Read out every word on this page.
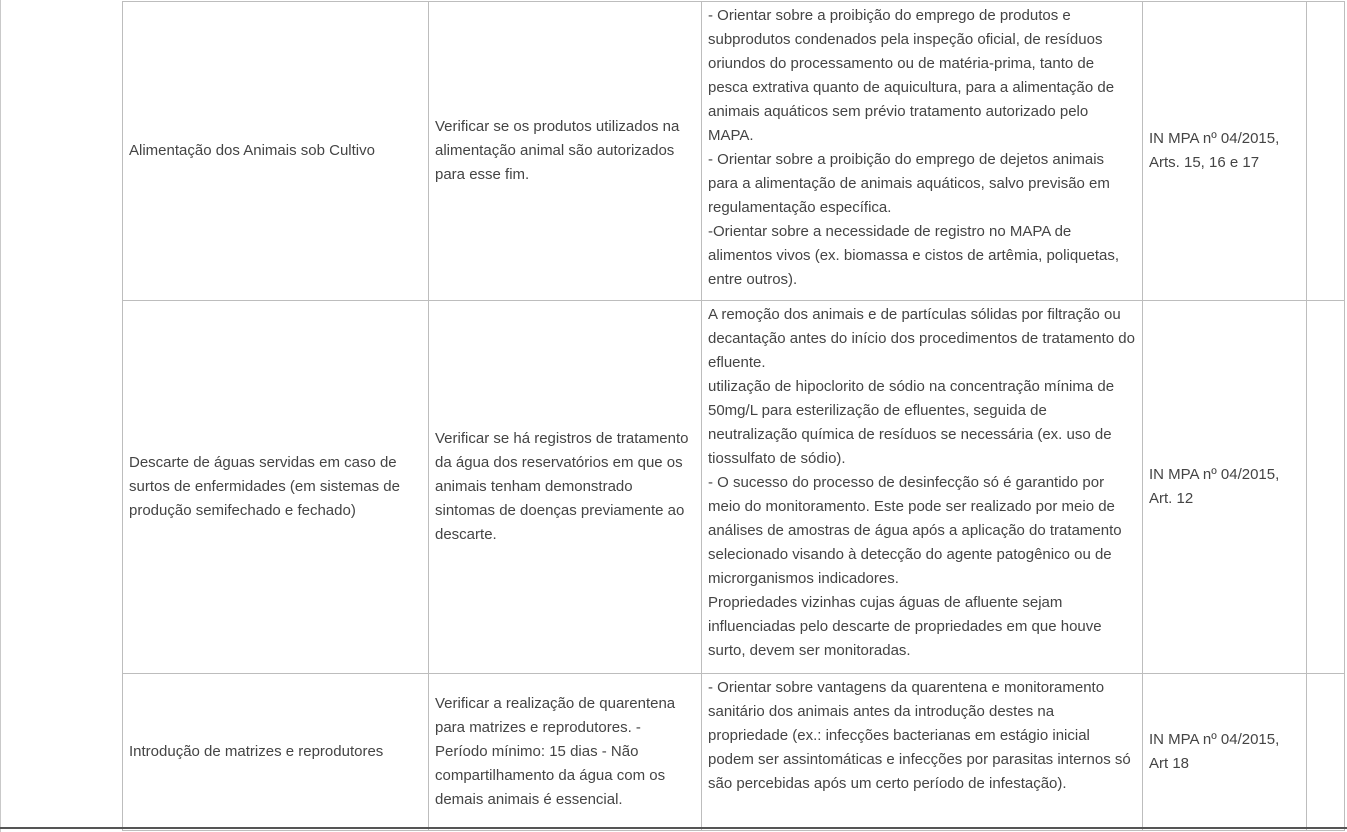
Alimentação dos Animais sob Cultivo	Verificar se os produtos utilizados na alimentação animal são autorizados para esse fim.	- Orientar sobre a proibição do emprego de produtos e subprodutos condenados pela inspeção oficial, de resíduos oriundos do processamento ou de matéria-prima, tanto de pesca extrativa quanto de aquicultura, para a alimentação de animais aquáticos sem prévio tratamento autorizado pelo MAPA.
- Orientar sobre a proibição do emprego de dejetos animais para a alimentação de animais aquáticos, salvo previsão em regulamentação específica.
-Orientar sobre a necessidade de registro no MAPA de alimentos vivos (ex. biomassa e cistos de artêmia, poliquetas, entre outros).	IN MPA nº 04/2015, Arts. 15, 16 e 17	
Descarte de águas servidas em caso de surtos de enfermidades (em sistemas de produção semifechado e fechado)	Verificar se há registros de tratamento da água dos reservatórios em que os animais tenham demonstrado sintomas de doenças previamente ao descarte.	A remoção dos animais e de partículas sólidas por filtração ou decantação antes do início dos procedimentos de tratamento do efluente.
utilização de hipoclorito de sódio na concentração mínima de 50mg/L para esterilização de efluentes, seguida de neutralização química de resíduos se necessária (ex. uso de tiossulfato de sódio).
- O sucesso do processo de desinfecção só é garantido por meio do monitoramento. Este pode ser realizado por meio de análises de amostras de água após a aplicação do tratamento selecionado visando à detecção do agente patogênico ou de microrganismos indicadores.
Propriedades vizinhas cujas águas de afluente sejam influenciadas pelo descarte de propriedades em que houve surto, devem ser monitoradas.	IN MPA nº 04/2015, Art. 12	
Introdução de matrizes e reprodutores	Verificar a realização de quarentena para matrizes e reprodutores. - Período mínimo: 15 dias - Não compartilhamento da água com os demais animais é essencial.	- Orientar sobre vantagens da quarentena e monitoramento sanitário dos animais antes da introdução destes na propriedade (ex.: infecções bacterianas em estágio inicial podem ser assintomáticas e infecções por parasitas internos só são percebidas após um certo período de infestação).	IN MPA nº 04/2015, Art 18	
